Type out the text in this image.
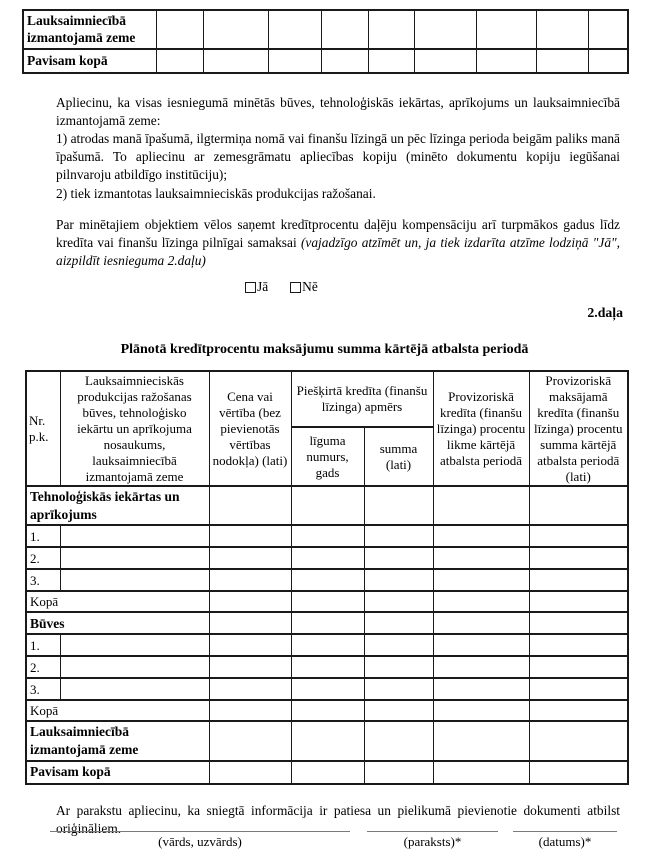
Lauksaimniecībā izmantojamā zeme									
Pavisam kopā									

Apliecinu, ka visas iesniegumā minētās būves, tehnoloģiskās iekārtas, aprīkojums un lauksaimniecībā izmantojamā zeme:

1) atrodas manā īpašumā, ilgtermiņa nomā vai finanšu līzingā un pēc līzinga perioda beigām paliks manā īpašumā. To apliecinu ar zemesgrāmatu apliecības kopiju (minēto dokumentu kopiju iegūšanai pilnvaroju atbildīgo institūciju);

2) tiek izmantotas lauksaimnieciskās produkcijas ražošanai.

Par minētajiem objektiem vēlos saņemt kredītprocentu daļēju kompensāciju arī turpmākos gadus līdz kredīta vai finanšu līzinga pilnīgai samaksai (vajadzīgo atzīmēt un, ja tiek izdarīta atzīme lodziņā "Jā", aizpildīt iesnieguma 2.daļu)

Jā	Nē
2.daļa
Plānotā kredītprocentu maksājumu summa kārtējā atbalsta periodā
Nr. p.k.	Lauksaimnieciskās produkcijas ražošanas būves, tehnoloģisko iekārtu un aprīkojuma nosaukums, lauksaimniecībā izmantojamā zeme	Cena vai vērtība (bez pievienotās vērtības nodokļa) (lati)	Piešķirtā kredīta (finanšu līzinga) apmērs		Provizoriskā kredīta (finanšu līzinga) procentu likme kārtējā atbalsta periodā	Provizoriskā maksājamā kredīta (finanšu līzinga) procentu summa kārtējā atbalsta periodā (lati)
			līguma numurs, gads	summa (lati)		
Tehnoloģiskās iekārtas un aprīkojums						
1.						
2.						
3.						
Kopā						
Būves						
1.						
2.						
3.						
Kopā						
Lauksaimniecībā izmantojamā zeme						
Pavisam kopā						

Ar parakstu apliecinu, ka sniegtā informācija ir patiesa un pielikumā pievienotie dokumenti atbilst oriģināliem.

(vārds, uzvārds)	(paraksts)*	(datums)*
